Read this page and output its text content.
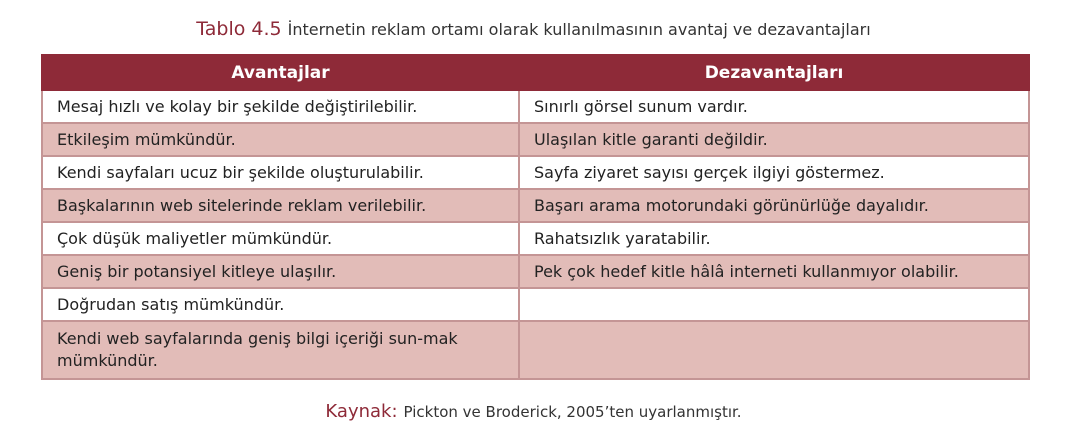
Tablo 4.5 İnternetin reklam ortamı olarak kullanılmasının avantaj ve dezavantajları
Avantajlar	Dezavantajları
Mesaj hızlı ve kolay bir şekilde değiştirilebilir.	Sınırlı görsel sunum vardır.
Etkileşim mümkündür.	Ulaşılan kitle garanti değildir.
Kendi sayfaları ucuz bir şekilde oluşturulabilir.	Sayfa ziyaret sayısı gerçek ilgiyi göstermez.
Başkalarının web sitelerinde reklam verilebilir.	Başarı arama motorundaki görünürlüğe dayalıdır.
Çok düşük maliyetler mümkündür.	Rahatsızlık yaratabilir.
Geniş bir potansiyel kitleye ulaşılır.	Pek çok hedef kitle hâlâ interneti kullanmıyor olabilir.
Doğrudan satış mümkündür.	
Kendi web sayfalarında geniş bilgi içeriği sun-mak mümkündür.	
Kaynak: Pickton ve Broderick, 2005’ten uyarlanmıştır.
